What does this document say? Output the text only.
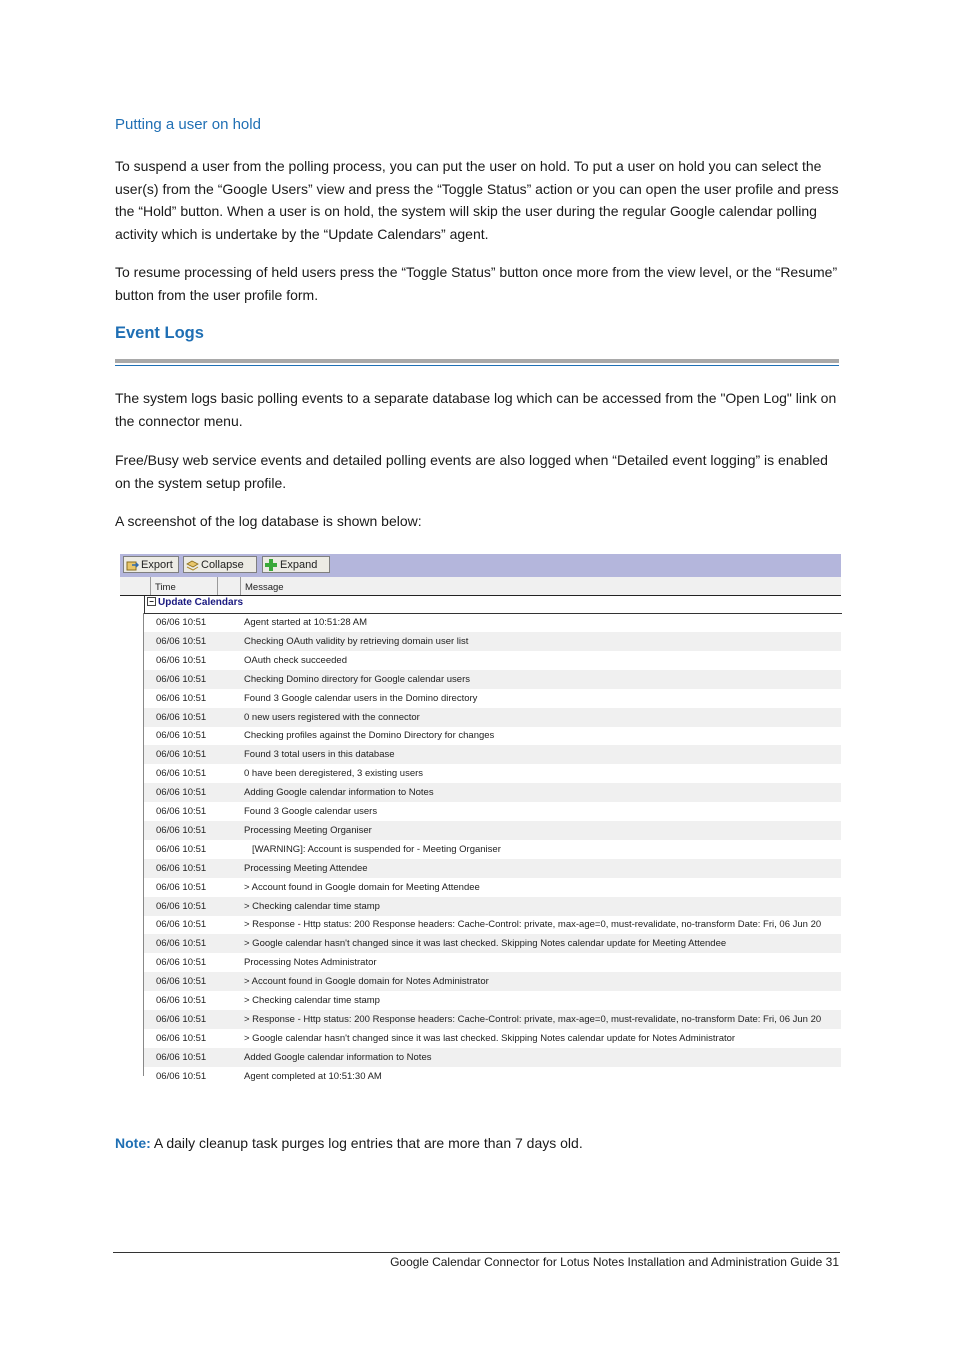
Putting a user on hold
To suspend a user from the polling process, you can put the user on hold. To put a user on hold you can select the user(s) from the “Google Users” view and press the “Toggle Status” action or you can open the user profile and press the “Hold” button. When a user is on hold, the system will skip the user during the regular Google calendar polling activity which is undertake by the “Update Calendars” agent.
To resume processing of held users press the “Toggle Status” button once more from the view level, or the “Resume” button from the user profile form.
Event Logs
The system logs basic polling events to a separate database log which can be accessed from the "Open Log" link on the connector menu.
Free/Busy web service events and detailed polling events are also logged when “Detailed event logging” is enabled on the system setup profile.
A screenshot of the log database is shown below:
Export	Collapse	Expand
Time	Message
− Update Calendars
06/06 10:51	Agent started at 10:51:28 AM
06/06 10:51	Checking OAuth validity by retrieving domain user list
06/06 10:51	OAuth check succeeded
06/06 10:51	Checking Domino directory for Google calendar users
06/06 10:51	Found 3 Google calendar users in the Domino directory
06/06 10:51	0 new users registered with the connector
06/06 10:51	Checking profiles against the Domino Directory for changes
06/06 10:51	Found 3 total users in this database
06/06 10:51	0 have been deregistered, 3 existing users
06/06 10:51	Adding Google calendar information to Notes
06/06 10:51	Found 3 Google calendar users
06/06 10:51	Processing Meeting Organiser
06/06 10:51	[WARNING]: Account is suspended for - Meeting Organiser
06/06 10:51	Processing Meeting Attendee
06/06 10:51	> Account found in Google domain for Meeting Attendee
06/06 10:51	> Checking calendar time stamp
06/06 10:51	> Response - Http status: 200 Response headers: Cache-Control: private, max-age=0, must-revalidate, no-transform Date: Fri, 06 Jun 20
06/06 10:51	> Google calendar hasn't changed since it was last checked. Skipping Notes calendar update for Meeting Attendee
06/06 10:51	Processing Notes Administrator
06/06 10:51	> Account found in Google domain for Notes Administrator
06/06 10:51	> Checking calendar time stamp
06/06 10:51	> Response - Http status: 200 Response headers: Cache-Control: private, max-age=0, must-revalidate, no-transform Date: Fri, 06 Jun 20
06/06 10:51	> Google calendar hasn't changed since it was last checked. Skipping Notes calendar update for Notes Administrator
06/06 10:51	Added Google calendar information to Notes
06/06 10:51	Agent completed at 10:51:30 AM
Note: A daily cleanup task purges log entries that are more than 7 days old.
Google Calendar Connector for Lotus Notes Installation and Administration Guide 31
